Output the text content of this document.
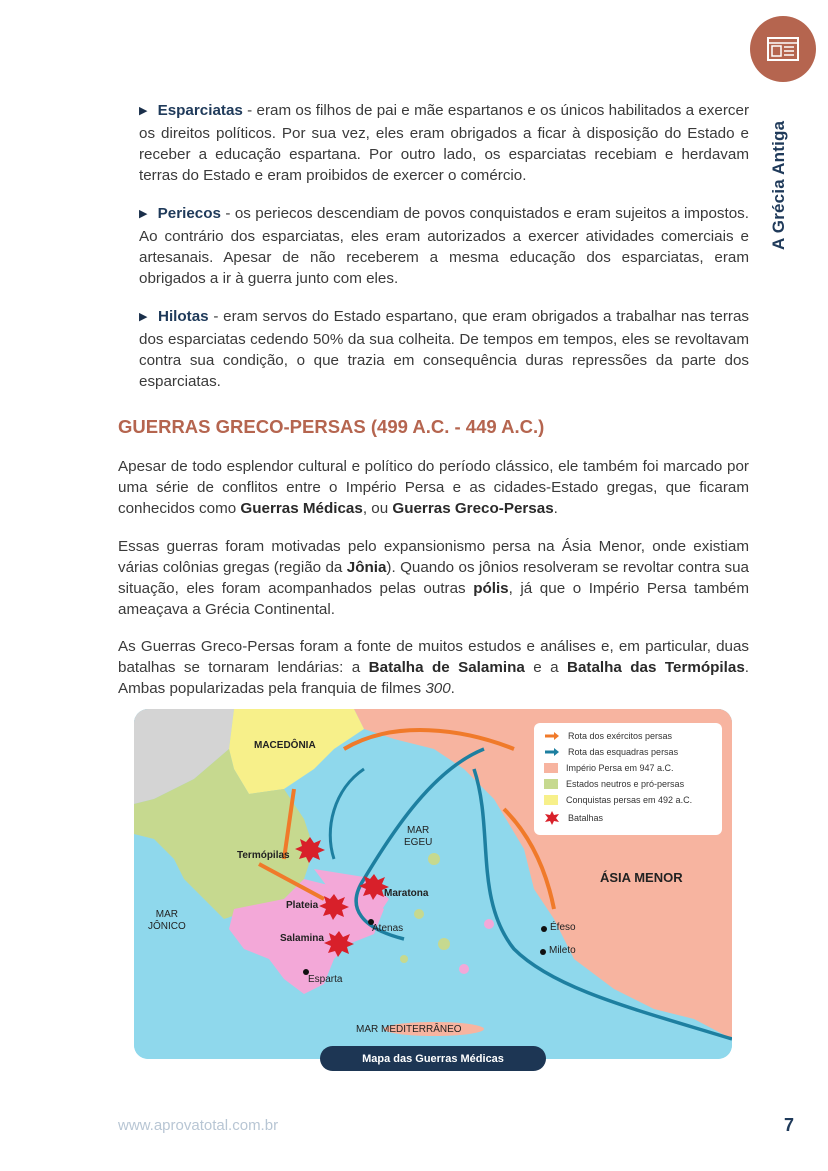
A Grécia Antiga
▶ Esparciatas - eram os filhos de pai e mãe espartanos e os únicos habilitados a exercer os direitos políticos. Por sua vez, eles eram obrigados a ficar à disposição do Estado e receber a educação espartana. Por outro lado, os esparciatas recebiam e herdavam terras do Estado e eram proibidos de exercer o comércio.
▶ Periecos - os periecos descendiam de povos conquistados e eram sujeitos a impostos. Ao contrário dos esparciatas, eles eram autorizados a exercer atividades comerciais e artesanais. Apesar de não receberem a mesma educação dos esparciatas, eram obrigados a ir à guerra junto com eles.
▶ Hilotas - eram servos do Estado espartano, que eram obrigados a trabalhar nas terras dos esparciatas cedendo 50% da sua colheita. De tempos em tempos, eles se revoltavam contra sua condição, o que trazia em consequência duras repressões da parte dos esparciatas.
GUERRAS GRECO-PERSAS (499 A.C. - 449 A.C.)
Apesar de todo esplendor cultural e político do período clássico, ele também foi marcado por uma série de conflitos entre o Império Persa e as cidades-Estado gregas, que ficaram conhecidos como Guerras Médicas, ou Guerras Greco-Persas.
Essas guerras foram motivadas pelo expansionismo persa na Ásia Menor, onde existiam várias colônias gregas (região da Jônia). Quando os jônios resolveram se revoltar contra sua situação, eles foram acompanhados pelas outras pólis, já que o Império Persa também ameaçava a Grécia Continental.
As Guerras Greco-Persas foram a fonte de muitos estudos e análises e, em particular, duas batalhas se tornaram lendárias: a Batalha de Salamina e a Batalha das Termópilas. Ambas popularizadas pela franquia de filmes 300.
Rota dos exércitos persas
Rota das esquadras persas
Império Persa em 947 a.C.
Estados neutros e pró-persas
Conquistas persas em 492 a.C.
Batalhas
MACEDÔNIA
MAR
EGEU
ÁSIA MENOR
Termópilas
Maratona
Plateia
MAR
JÔNICO	Atenas
Salamina
Éfeso
Mileto
Esparta
MAR MEDITERRÂNEO
Mapa das Guerras Médicas
www.aprovatotal.com.br	7
